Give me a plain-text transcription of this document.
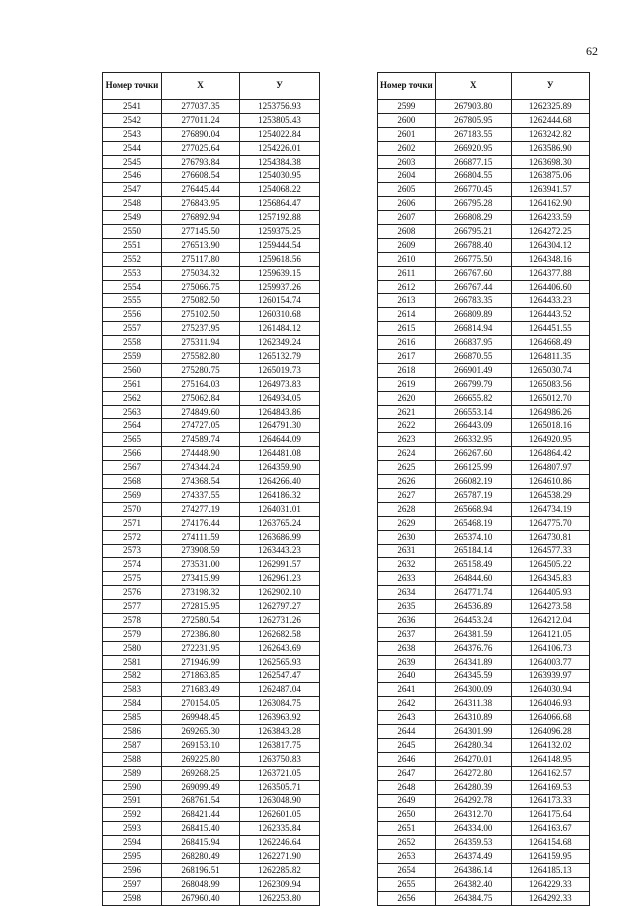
62
Номер точки	Х	У
2541	277037.35	1253756.93
2542	277011.24	1253805.43
2543	276890.04	1254022.84
2544	277025.64	1254226.01
2545	276793.84	1254384.38
2546	276608.54	1254030.95
2547	276445.44	1254068.22
2548	276843.95	1256864.47
2549	276892.94	1257192.88
2550	277145.50	1259375.25
2551	276513.90	1259444.54
2552	275117.80	1259618.56
2553	275034.32	1259639.15
2554	275066.75	1259937.26
2555	275082.50	1260154.74
2556	275102.50	1260310.68
2557	275237.95	1261484.12
2558	275311.94	1262349.24
2559	275582.80	1265132.79
2560	275280.75	1265019.73
2561	275164.03	1264973.83
2562	275062.84	1264934.05
2563	274849.60	1264843.86
2564	274727.05	1264791.30
2565	274589.74	1264644.09
2566	274448.90	1264481.08
2567	274344.24	1264359.90
2568	274368.54	1264266.40
2569	274337.55	1264186.32
2570	274277.19	1264031.01
2571	274176.44	1263765.24
2572	274111.59	1263686.99
2573	273908.59	1263443.23
2574	273531.00	1262991.57
2575	273415.99	1262961.23
2576	273198.32	1262902.10
2577	272815.95	1262797.27
2578	272580.54	1262731.26
2579	272386.80	1262682.58
2580	272231.95	1262643.69
2581	271946.99	1262565.93
2582	271863.85	1262547.47
2583	271683.49	1262487.04
2584	270154.05	1263084.75
2585	269948.45	1263963.92
2586	269265.30	1263843.28
2587	269153.10	1263817.75
2588	269225.80	1263750.83
2589	269268.25	1263721.05
2590	269099.49	1263505.71
2591	268761.54	1263048.90
2592	268421.44	1262601.05
2593	268415.40	1262335.84
2594	268415.94	1262246.64
2595	268280.49	1262271.90
2596	268196.51	1262285.82
2597	268048.99	1262309.94
2598	267960.40	1262253.80
Номер точки	Х	У
2599	267903.80	1262325.89
2600	267805.95	1262444.68
2601	267183.55	1263242.82
2602	266920.95	1263586.90
2603	266877.15	1263698.30
2604	266804.55	1263875.06
2605	266770.45	1263941.57
2606	266795.28	1264162.90
2607	266808.29	1264233.59
2608	266795.21	1264272.25
2609	266788.40	1264304.12
2610	266775.50	1264348.16
2611	266767.60	1264377.88
2612	266767.44	1264406.60
2613	266783.35	1264433.23
2614	266809.89	1264443.52
2615	266814.94	1264451.55
2616	266837.95	1264668.49
2617	266870.55	1264811.35
2618	266901.49	1265030.74
2619	266799.79	1265083.56
2620	266655.82	1265012.70
2621	266553.14	1264986.26
2622	266443.09	1265018.16
2623	266332.95	1264920.95
2624	266267.60	1264864.42
2625	266125.99	1264807.97
2626	266082.19	1264610.86
2627	265787.19	1264538.29
2628	265668.94	1264734.19
2629	265468.19	1264775.70
2630	265374.10	1264730.81
2631	265184.14	1264577.33
2632	265158.49	1264505.22
2633	264844.60	1264345.83
2634	264771.74	1264405.93
2635	264536.89	1264273.58
2636	264453.24	1264212.04
2637	264381.59	1264121.05
2638	264376.76	1264106.73
2639	264341.89	1264003.77
2640	264345.59	1263939.97
2641	264300.09	1264030.94
2642	264311.38	1264046.93
2643	264310.89	1264066.68
2644	264301.99	1264096.28
2645	264280.34	1264132.02
2646	264270.01	1264148.95
2647	264272.80	1264162.57
2648	264280.39	1264169.53
2649	264292.78	1264173.33
2650	264312.70	1264175.64
2651	264334.00	1264163.67
2652	264359.53	1264154.68
2653	264374.49	1264159.95
2654	264386.14	1264185.13
2655	264382.40	1264229.33
2656	264384.75	1264292.33
